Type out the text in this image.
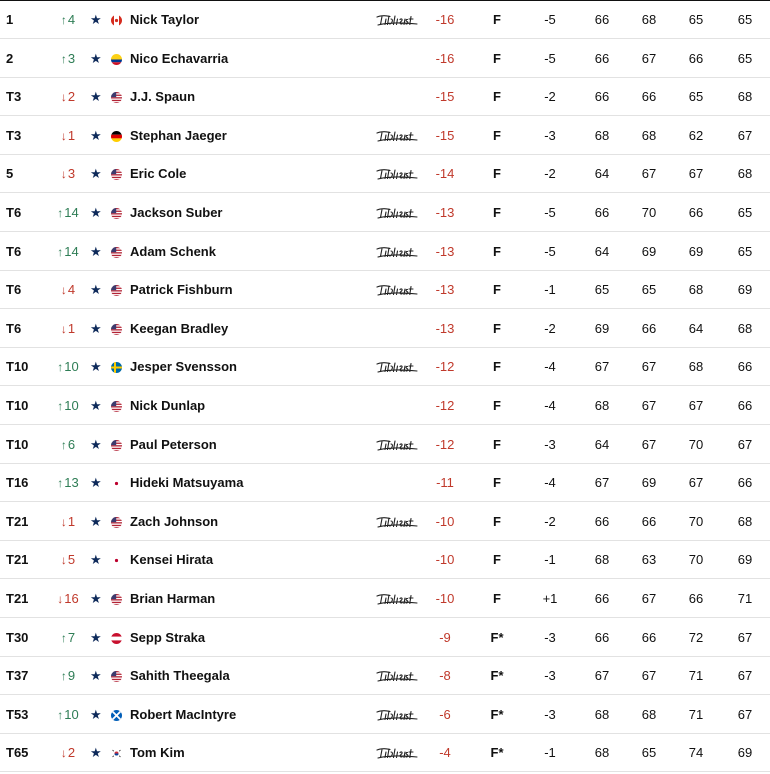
1	↑4	★ Nick Taylor	-16	F	-5	66	68	65	65
2	↑3	★ Nico Echavarria	-16	F	-5	66	67	66	65
T3	↓2	★ J.J. Spaun	-15	F	-2	66	66	65	68
T3	↓1	★ Stephan Jaeger	-15	F	-3	68	68	62	67
5	↓3	★ Eric Cole	-14	F	-2	64	67	67	68
T6	↑14 ★ Jackson Suber	-13	F	-5	66	70	66	65
T6	↑14 ★ Adam Schenk	-13	F	-5	64	69	69	65
T6	↓4	★ Patrick Fishburn	-13	F	-1	65	65	68	69
T6	↓1	★ Keegan Bradley	-13	F	-2	69	66	64	68
T10 ↑10 ★ Jesper Svensson	-12	F	-4	67	67	68	66
T10 ↑10 ★ Nick Dunlap	-12	F	-4	68	67	67	66
T10	↑6	★ Paul Peterson	-12	F	-3	64	67	70	67
T16 ↑13 ★ Hideki Matsuyama	-11	F	-4	67	69	67	66
T21	↓1	★ Zach Johnson	-10	F	-2	66	66	70	68
T21	↓5	★ Kensei Hirata	-10	F	-1	68	63	70	69
T21 ↓16 ★ Brian Harman	-10	F	+1	66	67	66	71
T30	↑7	★ Sepp Straka	-9	F*	-3	66	66	72	67
T37	↑9	★ Sahith Theegala	-8	F*	-3	67	67	71	67
T53 ↑10 ★ Robert MacIntyre	-6	F*	-3	68	68	71	67
T65	↓2	★ Tom Kim	-4	F*	-1	68	65	74	69
